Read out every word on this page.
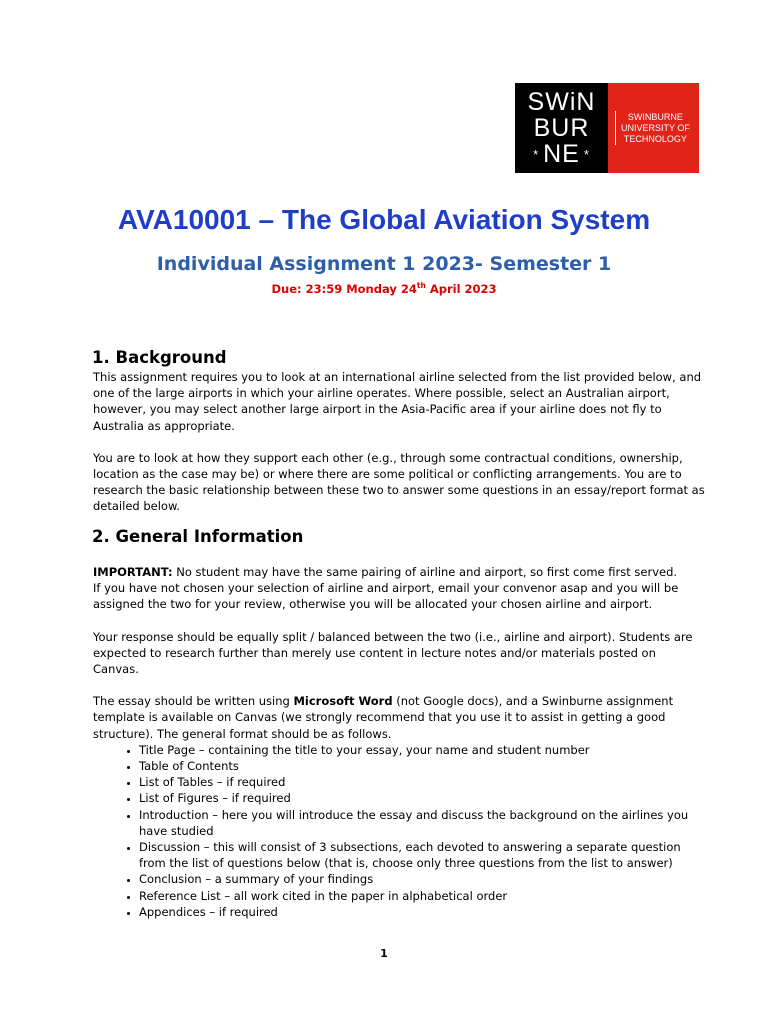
SWiN
BUR
* NE *
SWINBURNE
UNIVERSITY OF
TECHNOLOGY
AVA10001 – The Global Aviation System
Individual Assignment 1 2023- Semester 1
Due: 23:59 Monday 24th April 2023
1. Background

This assignment requires you to look at an international airline selected from the list provided below, and one of the large airports in which your airline operates. Where possible, select an Australian airport, however, you may select another large airport in the Asia-Pacific area if your airline does not fly to Australia as appropriate.

You are to look at how they support each other (e.g., through some contractual conditions, ownership, location as the case may be) or where there are some political or conflicting arrangements. You are to research the basic relationship between these two to answer some questions in an essay/report format as detailed below.

2. General Information

IMPORTANT: No student may have the same pairing of airline and airport, so first come first served.

If you have not chosen your selection of airline and airport, email your convenor asap and you will be assigned the two for your review, otherwise you will be allocated your chosen airline and airport.

Your response should be equally split / balanced between the two (i.e., airline and airport). Students are expected to research further than merely use content in lecture notes and/or materials posted on Canvas.

The essay should be written using Microsoft Word (not Google docs), and a Swinburne assignment template is available on Canvas (we strongly recommend that you use it to assist in getting a good structure). The general format should be as follows.

• Title Page – containing the title to your essay, your name and student number
• Table of Contents
• List of Tables – if required
• List of Figures – if required
• Introduction – here you will introduce the essay and discuss the background on the airlines you have studied
• Discussion – this will consist of 3 subsections, each devoted to answering a separate question from the list of questions below (that is, choose only three questions from the list to answer)
• Conclusion – a summary of your findings
• Reference List – all work cited in the paper in alphabetical order
• Appendices – if required
1
